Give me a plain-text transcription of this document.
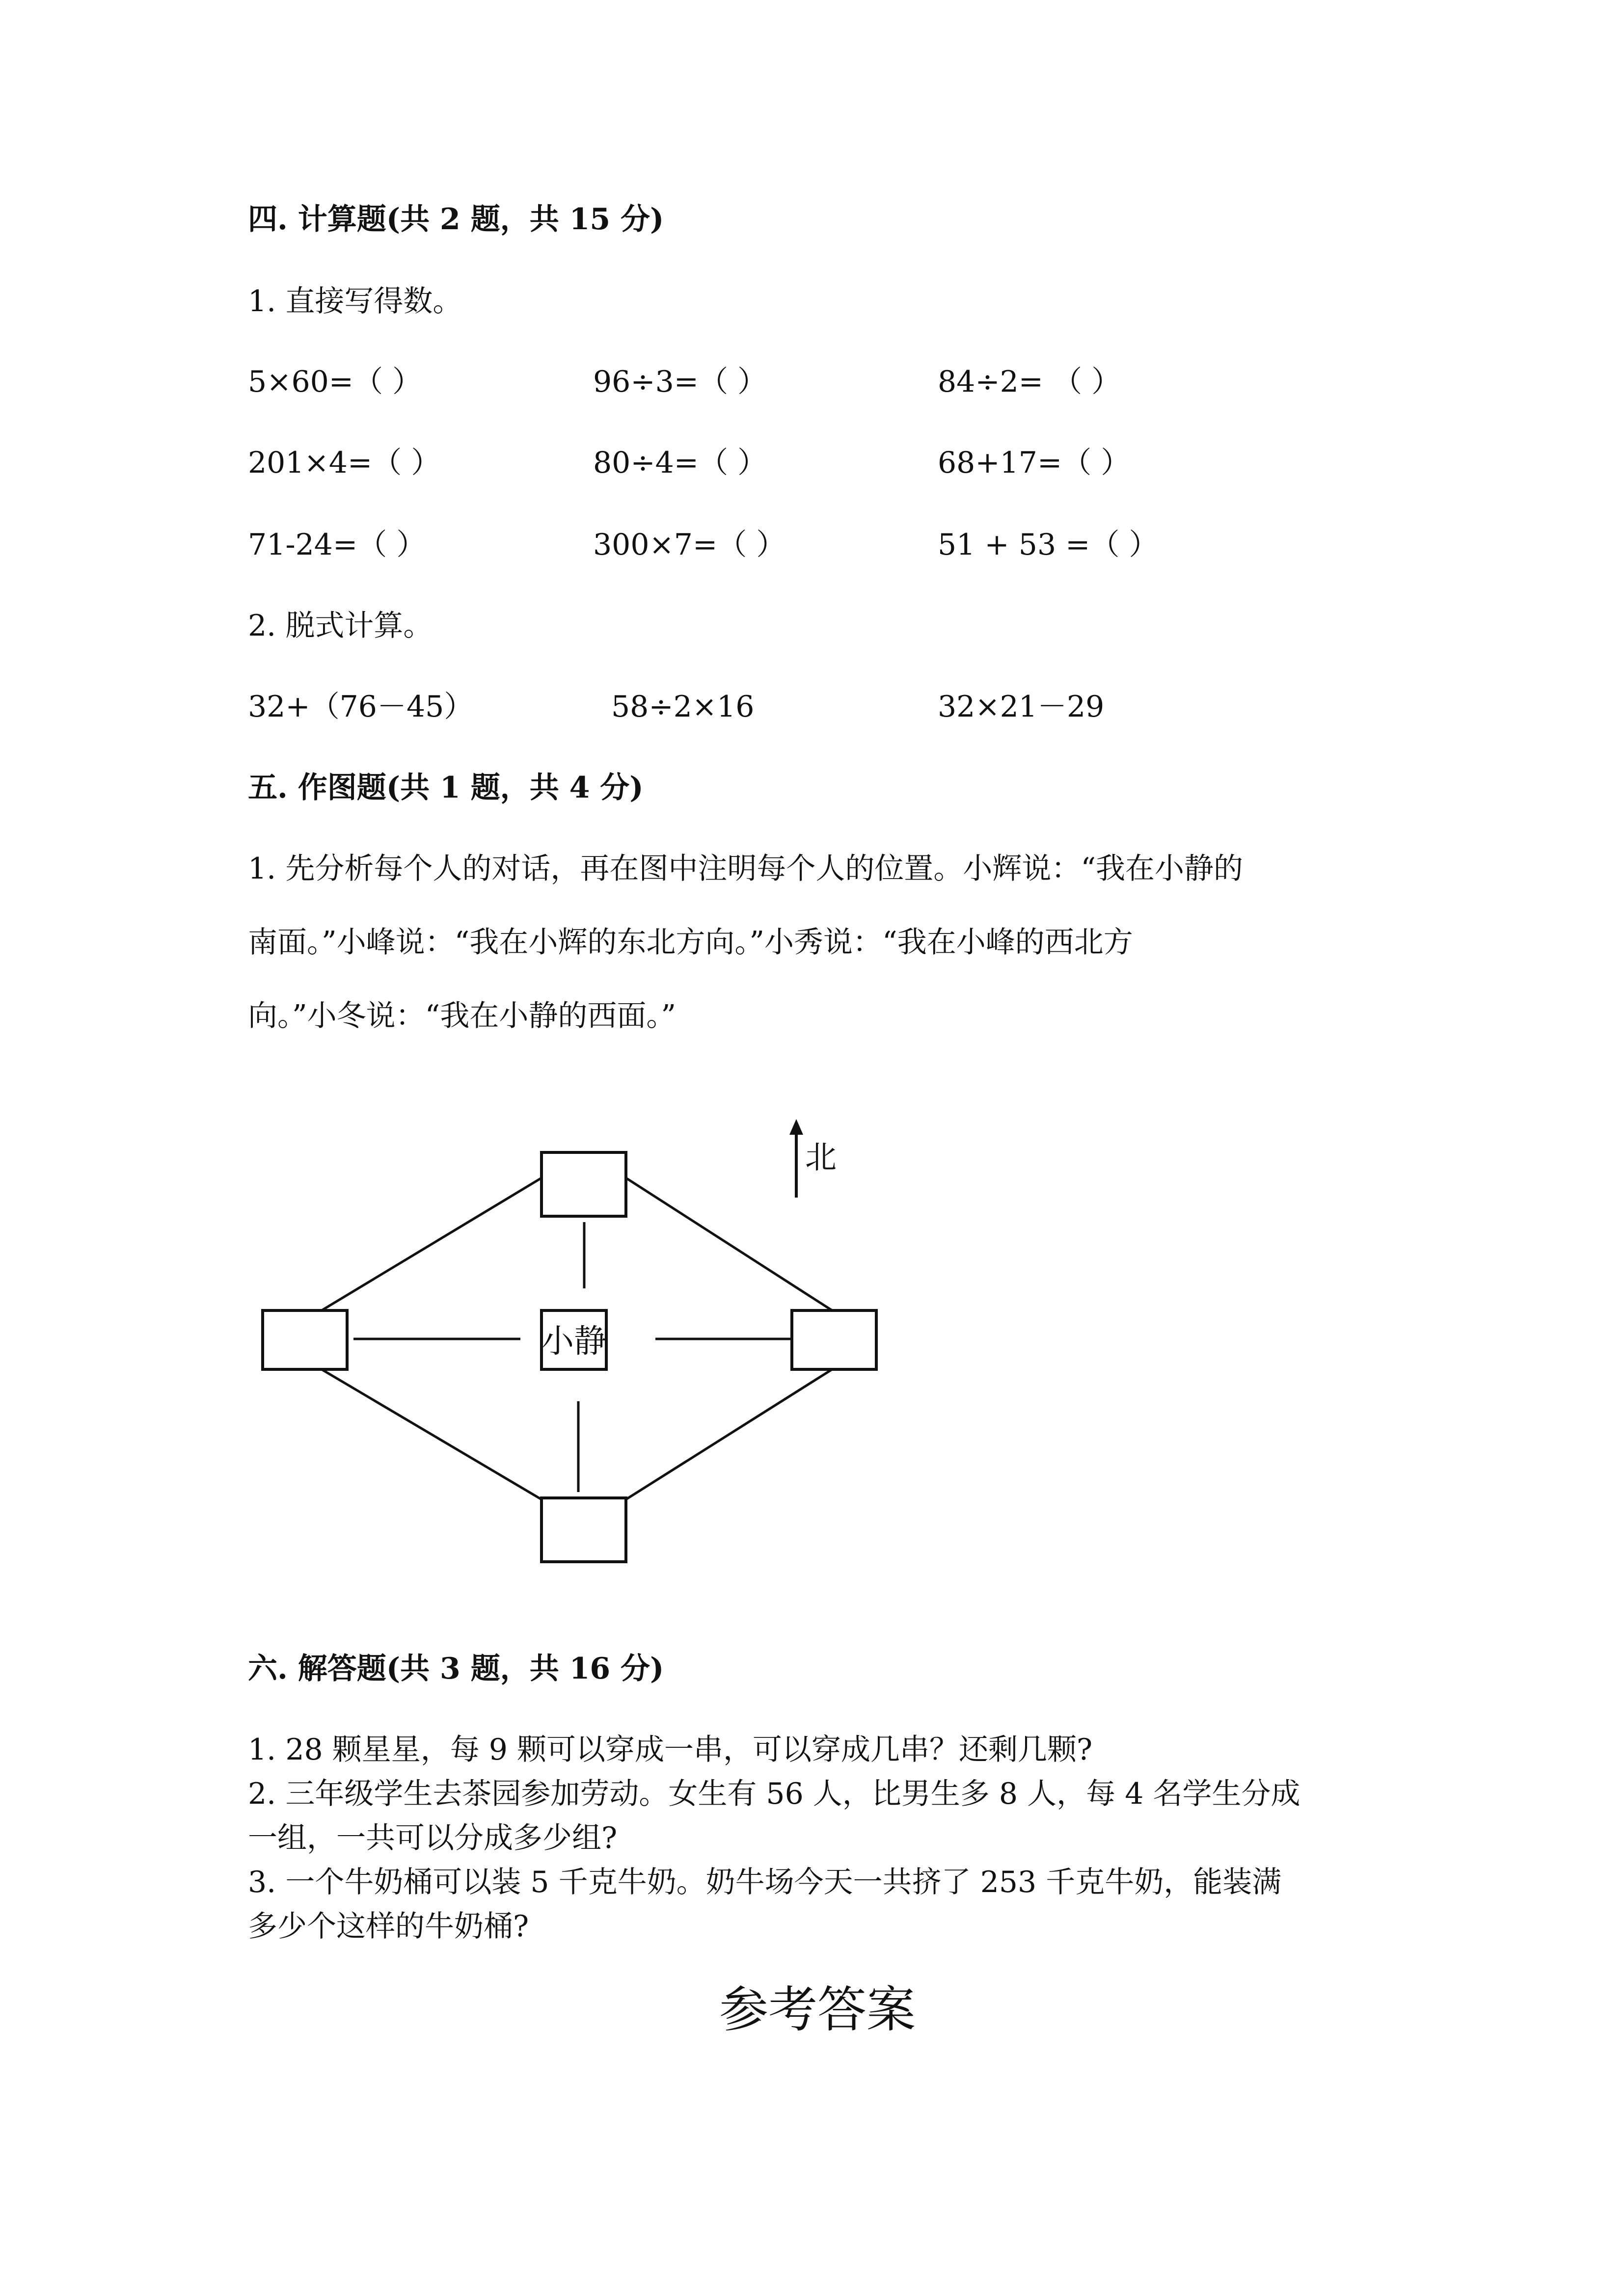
四. 计算题(共 2 题，共 15 分)
1. 直接写得数。
5×60=（ ）	96÷3=（ ）	84÷2= （ ）
201×4=（ ）	80÷4=（ ）	68+17=（ ）
71-24=（ ）	300×7=（ ）	51 + 53 =（ ）
2. 脱式计算。
32+（76－45）	58÷2×16	32×21－29
五. 作图题(共 1 题，共 4 分)
1. 先分析每个人的对话，再在图中注明每个人的位置。小辉说：“我在小静的
南面。”小峰说：“我在小辉的东北方向。”小秀说：“我在小峰的西北方
向。”小冬说：“我在小静的西面。”
小静
北
六. 解答题(共 3 题，共 16 分)
1. 28 颗星星，每 9 颗可以穿成一串，可以穿成几串？还剩几颗?
2. 三年级学生去茶园参加劳动。女生有 56 人，比男生多 8 人，每 4 名学生分成
一组，一共可以分成多少组?
3. 一个牛奶桶可以装 5 千克牛奶。奶牛场今天一共挤了 253 千克牛奶，能装满
多少个这样的牛奶桶?
参考答案
